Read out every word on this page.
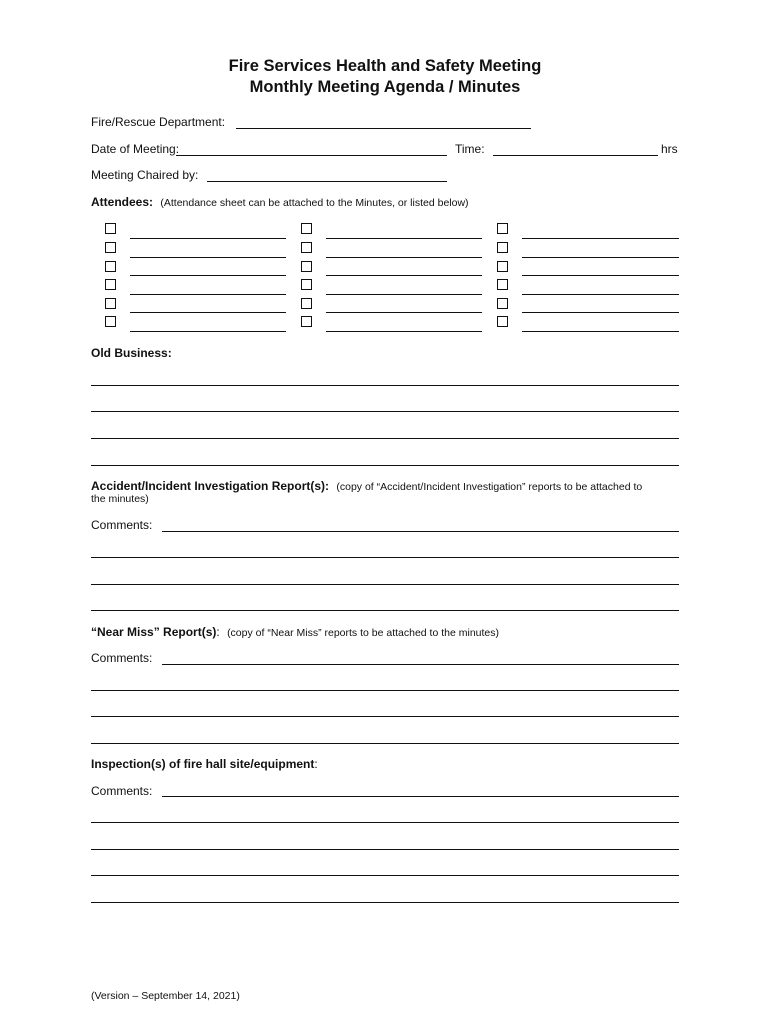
Fire Services Health and Safety Meeting
Monthly Meeting Agenda / Minutes
Fire/Rescue Department:
Date of Meeting:	Time:	hrs
Meeting Chaired by:
Attendees: (Attendance sheet can be attached to the Minutes, or listed below)
Old Business:
Accident/Incident Investigation Report(s): (copy of “Accident/Incident Investigation” reports to be attached to
the minutes)
Comments:
“Near Miss” Report(s): (copy of “Near Miss” reports to be attached to the minutes)
Comments:
Inspection(s) of fire hall site/equipment:
Comments:
(Version – September 14, 2021)
